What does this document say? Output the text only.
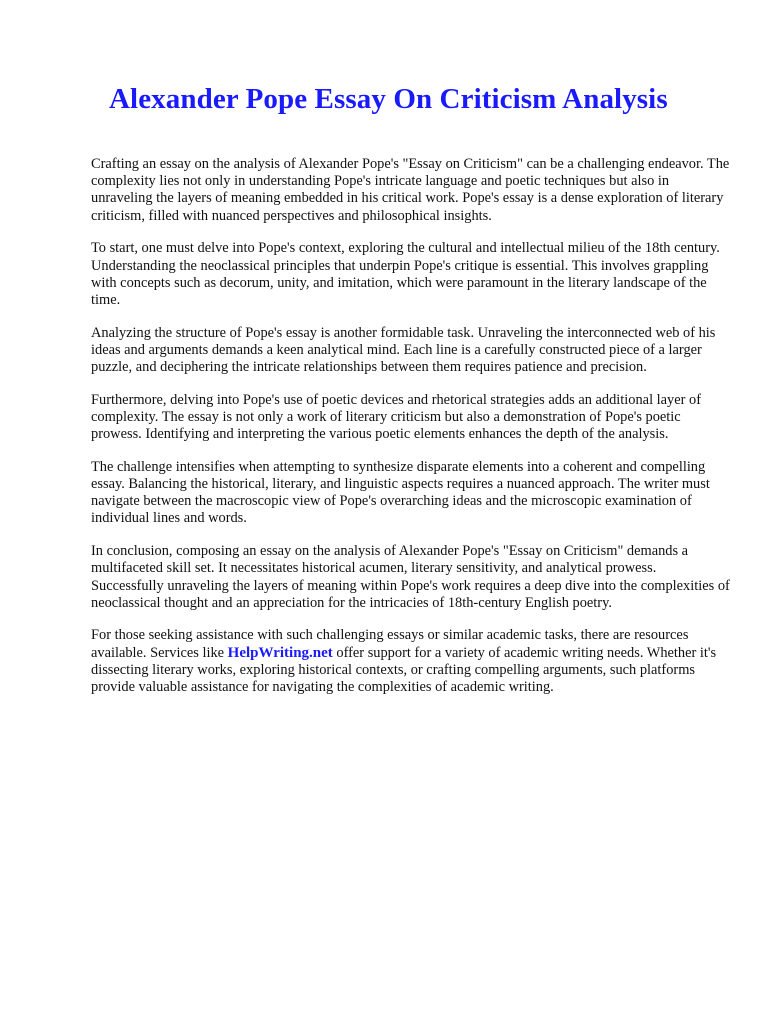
Alexander Pope Essay On Criticism Analysis

Crafting an essay on the analysis of Alexander Pope's "Essay on Criticism" can be a challenging endeavor. The complexity lies not only in understanding Pope's intricate language and poetic techniques but also in unraveling the layers of meaning embedded in his critical work. Pope's essay is a dense exploration of literary criticism, filled with nuanced perspectives and philosophical insights.

To start, one must delve into Pope's context, exploring the cultural and intellectual milieu of the 18th century. Understanding the neoclassical principles that underpin Pope's critique is essential. This involves grappling with concepts such as decorum, unity, and imitation, which were paramount in the literary landscape of the time.

Analyzing the structure of Pope's essay is another formidable task. Unraveling the interconnected web of his ideas and arguments demands a keen analytical mind. Each line is a carefully constructed piece of a larger puzzle, and deciphering the intricate relationships between them requires patience and precision.

Furthermore, delving into Pope's use of poetic devices and rhetorical strategies adds an additional layer of complexity. The essay is not only a work of literary criticism but also a demonstration of Pope's poetic prowess. Identifying and interpreting the various poetic elements enhances the depth of the analysis.

The challenge intensifies when attempting to synthesize disparate elements into a coherent and compelling essay. Balancing the historical, literary, and linguistic aspects requires a nuanced approach. The writer must navigate between the macroscopic view of Pope's overarching ideas and the microscopic examination of individual lines and words.

In conclusion, composing an essay on the analysis of Alexander Pope's "Essay on Criticism" demands a multifaceted skill set. It necessitates historical acumen, literary sensitivity, and analytical prowess. Successfully unraveling the layers of meaning within Pope's work requires a deep dive into the complexities of neoclassical thought and an appreciation for the intricacies of 18th-century English poetry.

For those seeking assistance with such challenging essays or similar academic tasks, there are resources available. Services like HelpWriting.net offer support for a variety of academic writing needs. Whether it's dissecting literary works, exploring historical contexts, or crafting compelling arguments, such platforms provide valuable assistance for navigating the complexities of academic writing.
